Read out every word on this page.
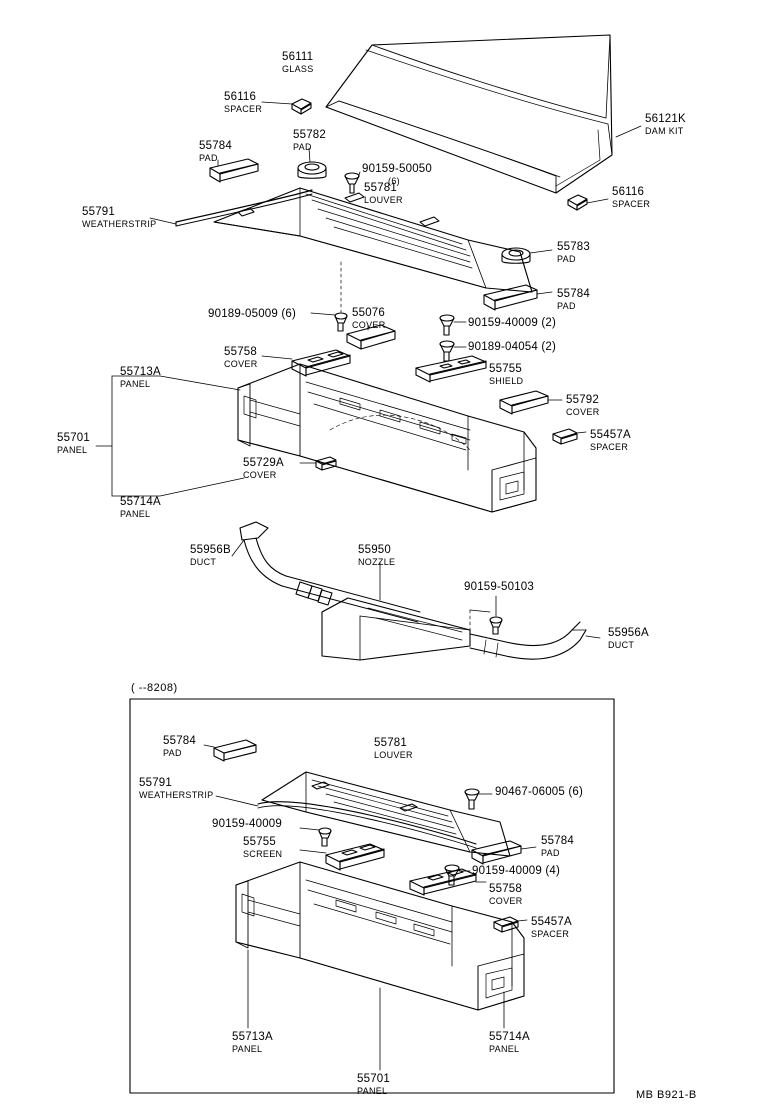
56111
GLASS
56116
SPACER
55782
PAD
55784
PAD
56121K
DAM KIT
90159-50050
(6)
55781
LOUVER
56116
SPACER
55791
WEATHERSTRIP
55783
PAD
55784
PAD
90189-05009 (6)	55076
COVER	90159-40009 (2)
55758
COVER
90189-04054 (2)
55755
SHIELD
55713A
PANEL
55792
COVER
55457A
SPACER
55701
PANEL
55729A
COVER
55714A
PANEL
55956B
DUCT
55950
NOZZLE
90159-50103
55956A
DUCT
( --8208)
55784
PAD
55781
LOUVER
55791
WEATHERSTRIP	90467-06005 (6)
90159-40009
55755
SCREEN
55784
PAD
90159-40009 (4)
55758
COVER
55457A
SPACER
55713A
PANEL
55714A
PANEL
55701
PANEL	MB B921-B
